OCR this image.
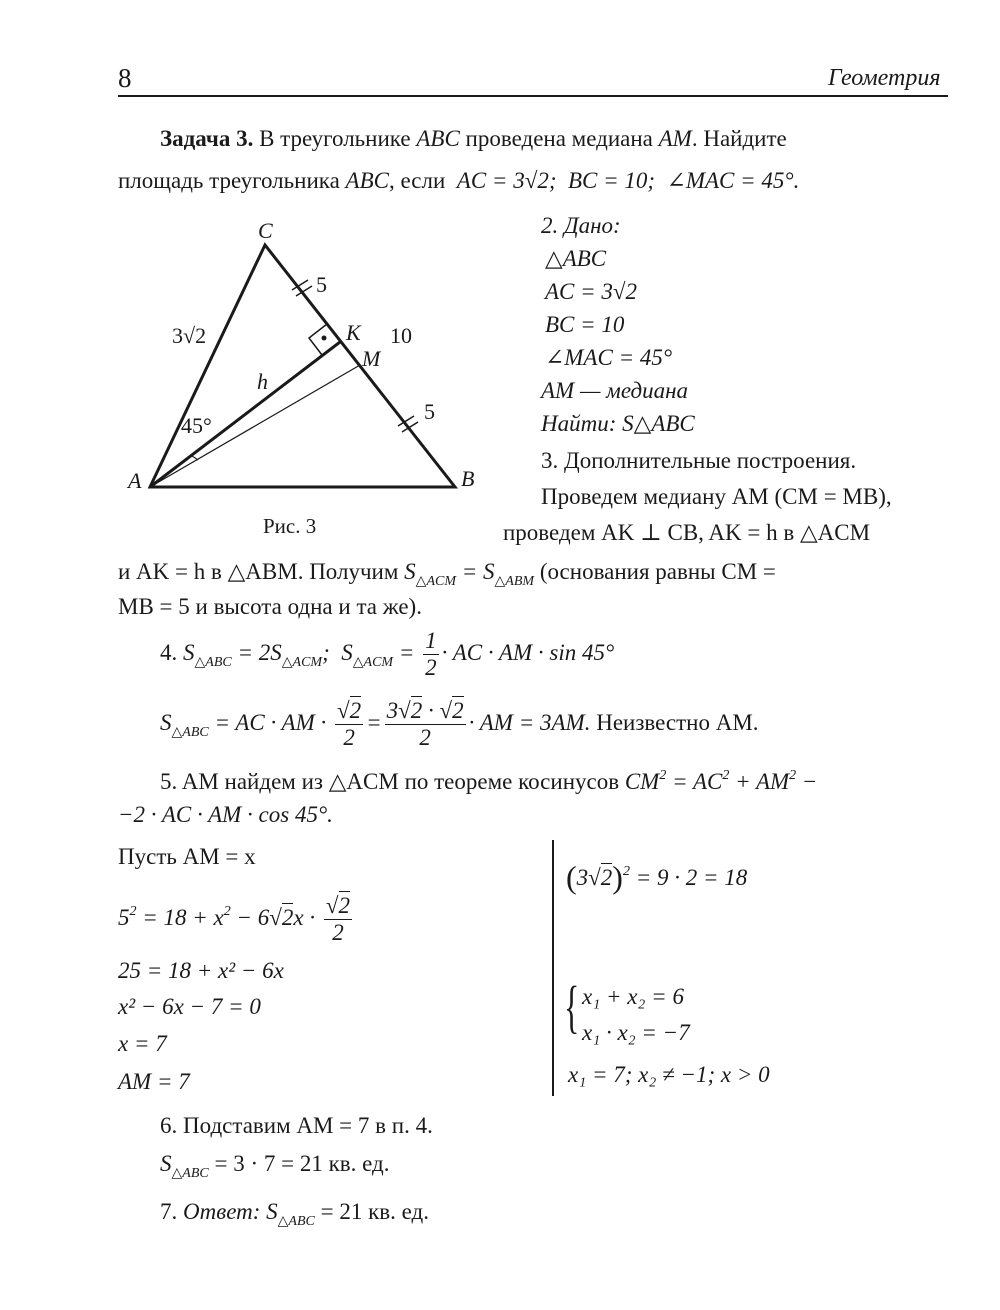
8	Геометрия
Задача 3. В треугольнике ABC проведена медиана AM. Найдите
площадь треугольника ABC, если AC = 3√2; BC = 10; ∠MAC = 45°.
C
A	B
K
M
3√2
5
5
10
h
45°
Рис. 3
2. Дано:
△ABC
AC = 3√2
BC = 10
∠MAC = 45°
AM — медиана
Найти: S△ABC
3. Дополнительные построения.
Проведем медиану AM (CM = MB),
проведем AK ⊥ CB, AK = h в △ACM
и AK = h в △ABM. Получим $S_{\triangle ACM} = S_{\triangle ABM}$ (основания равны CM =
MB = 5 и высота одна и та же).
4. $S_{\triangle ABC} = 2S_{\triangle ACM}$;  $S_{\triangle ACM} = \frac{1}{2}$ · AC · AM · sin 45°
$S_{\triangle ABC}$ = AC · AM · $\frac{√2}{2} = \frac{3√2 \cdot √2}{2}$ · AM = 3AM. Неизвестно AM.
5. AM найдем из △ACM по теореме косинусов $CM^2 = AC^2 + AM^2$ −
−2 · AC · AM · cos 45°.
Пусть AM = x
$5^2 = 18 + x^2 - 6√2x \cdot \frac{√2}{2}$
25 = 18 + x² − 6x
x² − 6x − 7 = 0
x = 7
AM = 7
$(3√2)^2 = 9 \cdot 2 = 18$
{ x₁ + x₂ = 6
x₁ · x₂ = −7
x₁ = 7; x₂ ≠ −1; x > 0
6. Подставим AM = 7 в п. 4.
$S_{\triangle ABC} = 3 \cdot 7 = 21$ кв. ед.
7. Ответ: $S_{\triangle ABC} = 21$ кв. ед.
